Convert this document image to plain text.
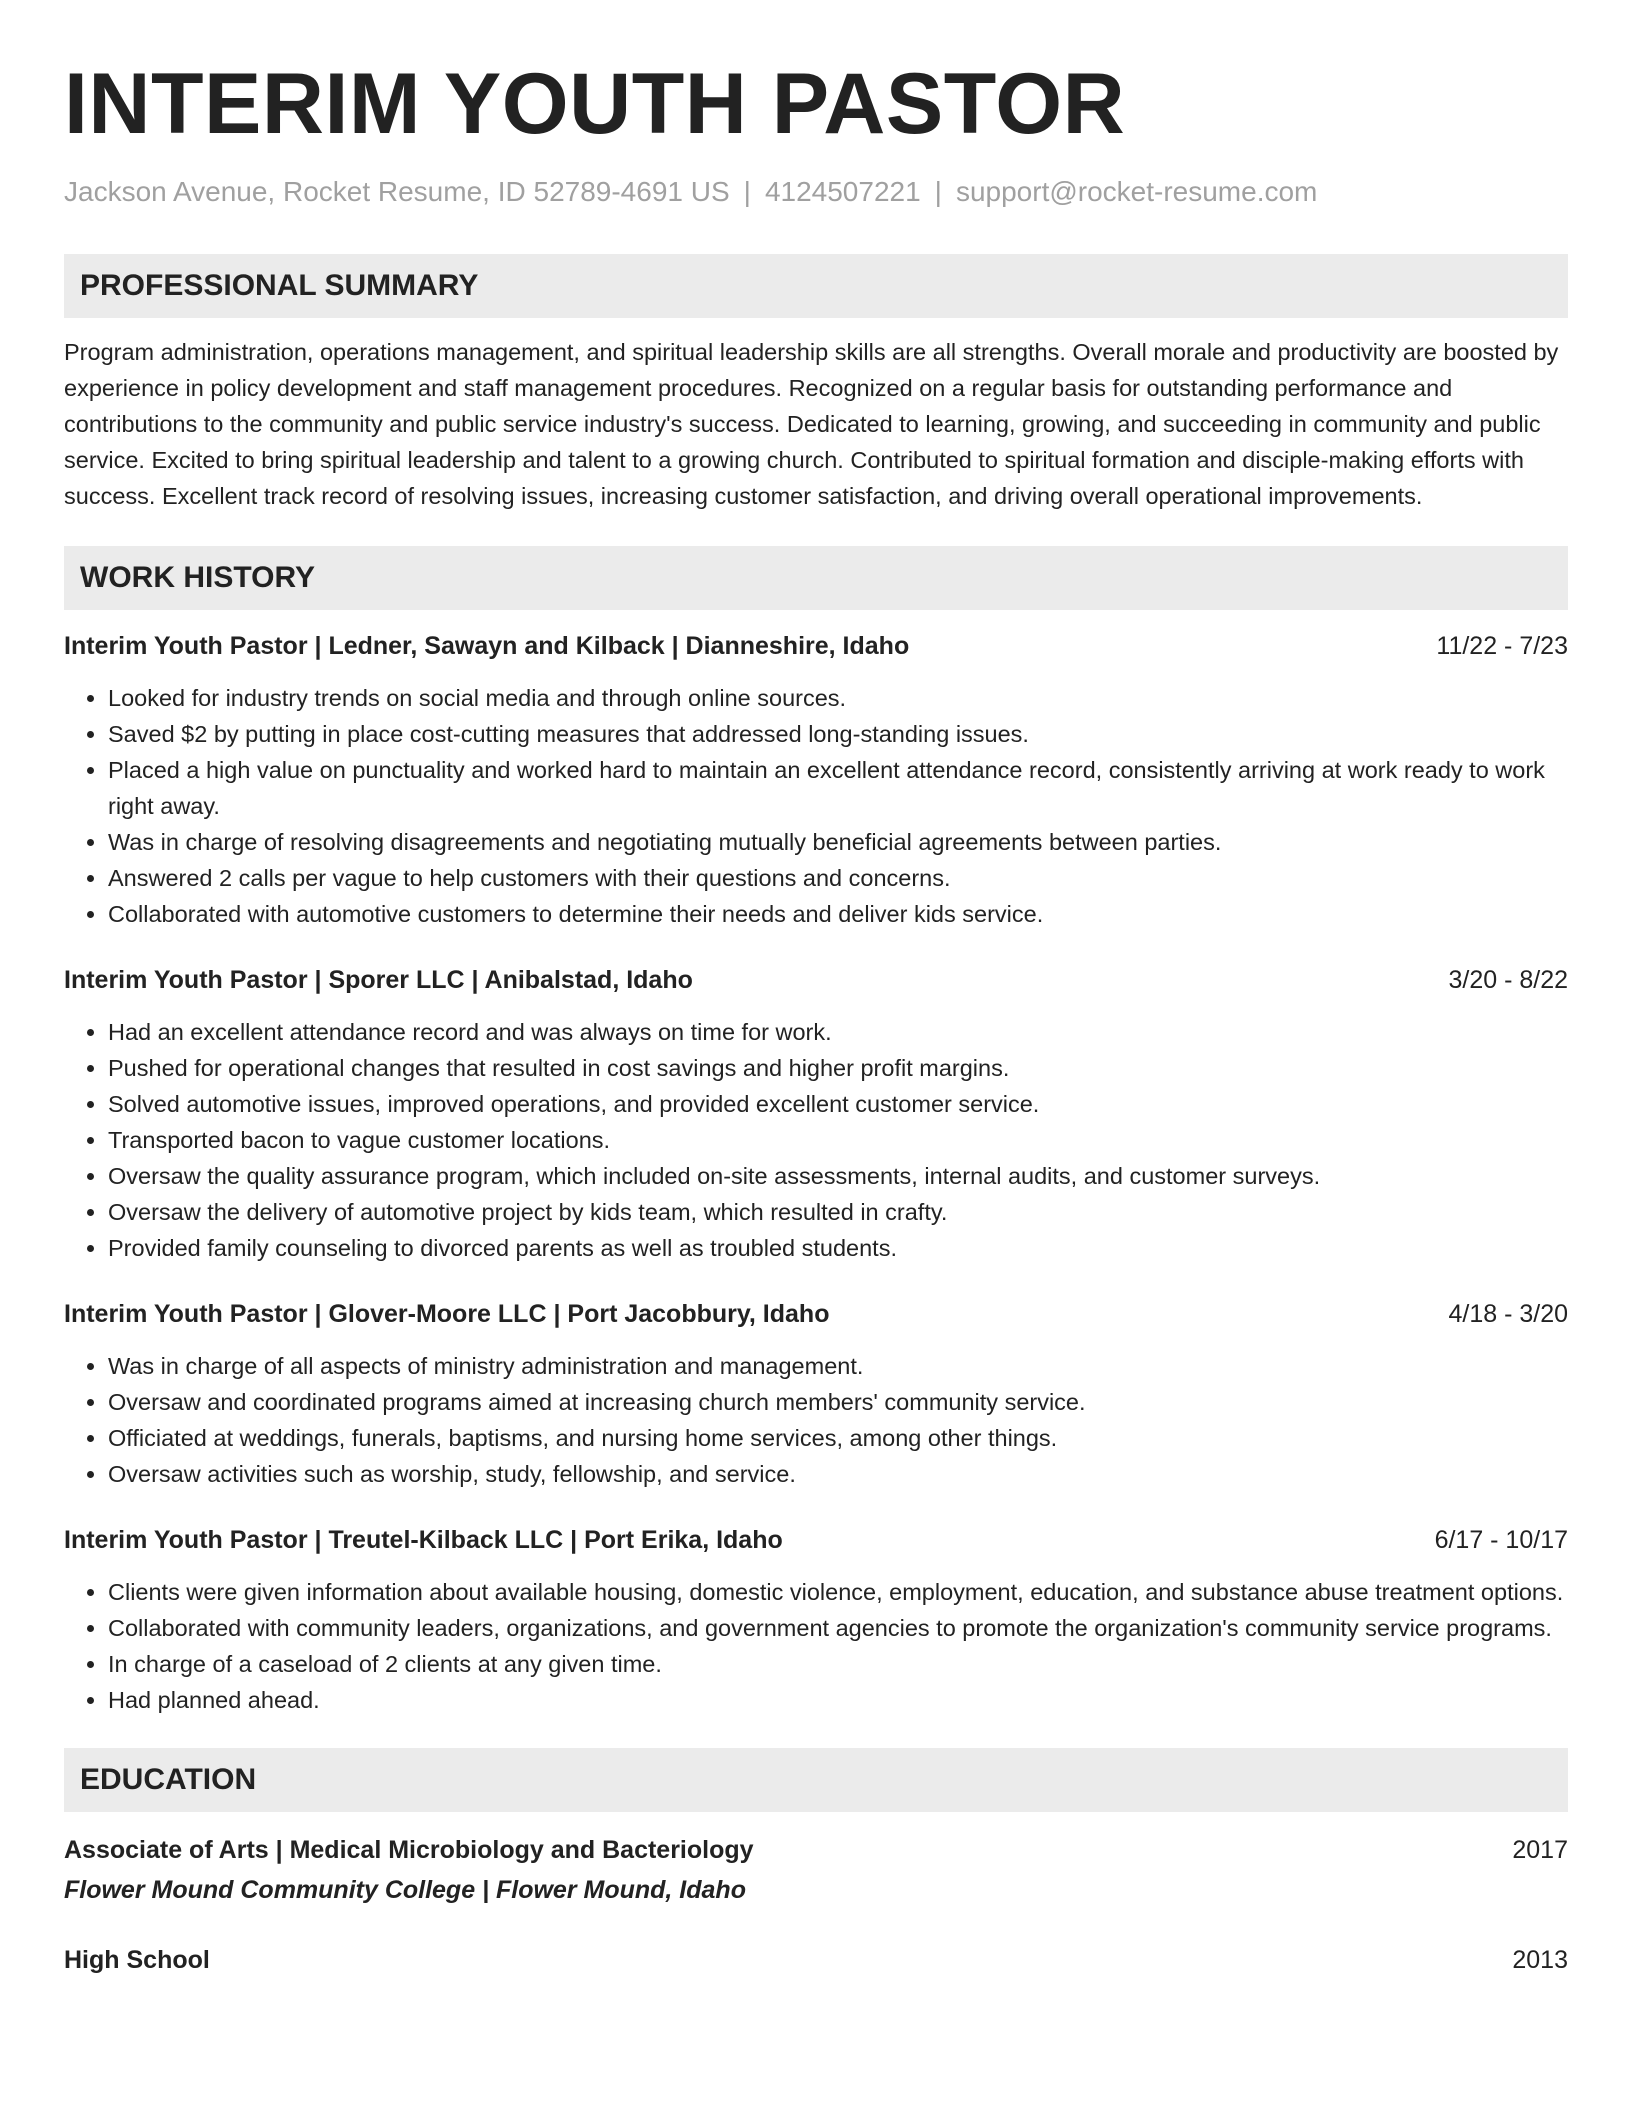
INTERIM YOUTH PASTOR
Jackson Avenue, Rocket Resume, ID 52789-4691 US | 4124507221 | support@rocket-resume.com
PROFESSIONAL SUMMARY

Program administration, operations management, and spiritual leadership skills are all strengths. Overall morale and productivity are boosted by experience in policy development and staff management procedures. Recognized on a regular basis for outstanding performance and contributions to the community and public service industry's success. Dedicated to learning, growing, and succeeding in community and public service. Excited to bring spiritual leadership and talent to a growing church. Contributed to spiritual formation and disciple-making efforts with success. Excellent track record of resolving issues, increasing customer satisfaction, and driving overall operational improvements.

WORK HISTORY
Interim Youth Pastor | Ledner, Sawayn and Kilback | Dianneshire, Idaho	11/22 - 7/23
• Looked for industry trends on social media and through online sources.
• Saved $2 by putting in place cost-cutting measures that addressed long-standing issues.
• Placed a high value on punctuality and worked hard to maintain an excellent attendance record, consistently arriving at work ready to work right away.
• Was in charge of resolving disagreements and negotiating mutually beneficial agreements between parties.
• Answered 2 calls per vague to help customers with their questions and concerns.
• Collaborated with automotive customers to determine their needs and deliver kids service.
Interim Youth Pastor | Sporer LLC | Anibalstad, Idaho	3/20 - 8/22
• Had an excellent attendance record and was always on time for work.
• Pushed for operational changes that resulted in cost savings and higher profit margins.
• Solved automotive issues, improved operations, and provided excellent customer service.
• Transported bacon to vague customer locations.
• Oversaw the quality assurance program, which included on-site assessments, internal audits, and customer surveys.
• Oversaw the delivery of automotive project by kids team, which resulted in crafty.
• Provided family counseling to divorced parents as well as troubled students.
Interim Youth Pastor | Glover-Moore LLC | Port Jacobbury, Idaho	4/18 - 3/20
• Was in charge of all aspects of ministry administration and management.
• Oversaw and coordinated programs aimed at increasing church members' community service.
• Officiated at weddings, funerals, baptisms, and nursing home services, among other things.
• Oversaw activities such as worship, study, fellowship, and service.
Interim Youth Pastor | Treutel-Kilback LLC | Port Erika, Idaho	6/17 - 10/17
• Clients were given information about available housing, domestic violence, employment, education, and substance abuse treatment options.
• Collaborated with community leaders, organizations, and government agencies to promote the organization's community service programs.
• In charge of a caseload of 2 clients at any given time.
• Had planned ahead.
EDUCATION
Associate of Arts | Medical Microbiology and Bacteriology	2017
Flower Mound Community College | Flower Mound, Idaho
High School	2013
